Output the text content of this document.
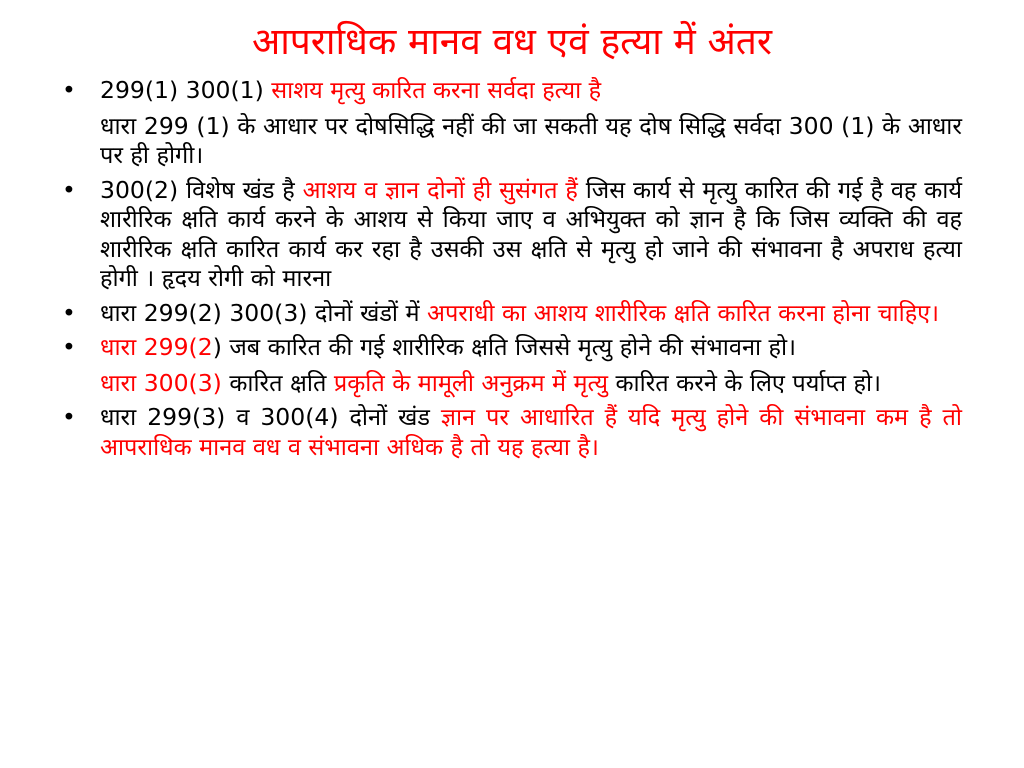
आपराधिक मानव वध एवं हत्या में अंतर
• 299(1) 300(1) साशय मृत्यु कारित करना सर्वदा हत्या है
धारा 299 (1) के आधार पर दोषसिद्धि नहीं की जा सकती यह दोष सिद्धि सर्वदा 300 (1) के आधार पर ही होगी।
• 300(2) विशेष खंड है आशय व ज्ञान दोनों ही सुसंगत हैं जिस कार्य से मृत्यु कारित की गई है वह कार्य शारीरिक क्षति कार्य करने के आशय से किया जाए व अभियुक्त को ज्ञान है कि जिस व्यक्ति की वह शारीरिक क्षति कारित कार्य कर रहा है उसकी उस क्षति से मृत्यु हो जाने की संभावना है अपराध हत्या होगी । हृदय रोगी को मारना
• धारा 299(2) 300(3) दोनों खंडों में अपराधी का आशय शारीरिक क्षति कारित करना होना चाहिए।
• धारा 299(2) जब कारित की गई शारीरिक क्षति जिससे मृत्यु होने की संभावना हो।
धारा 300(3) कारित क्षति प्रकृति के मामूली अनुक्रम में मृत्यु कारित करने के लिए पर्याप्त हो।
• धारा 299(3) व 300(4) दोनों खंड ज्ञान पर आधारित हैं यदि मृत्यु होने की संभावना कम है तो आपराधिक मानव वध व संभावना अधिक है तो यह हत्या है।
